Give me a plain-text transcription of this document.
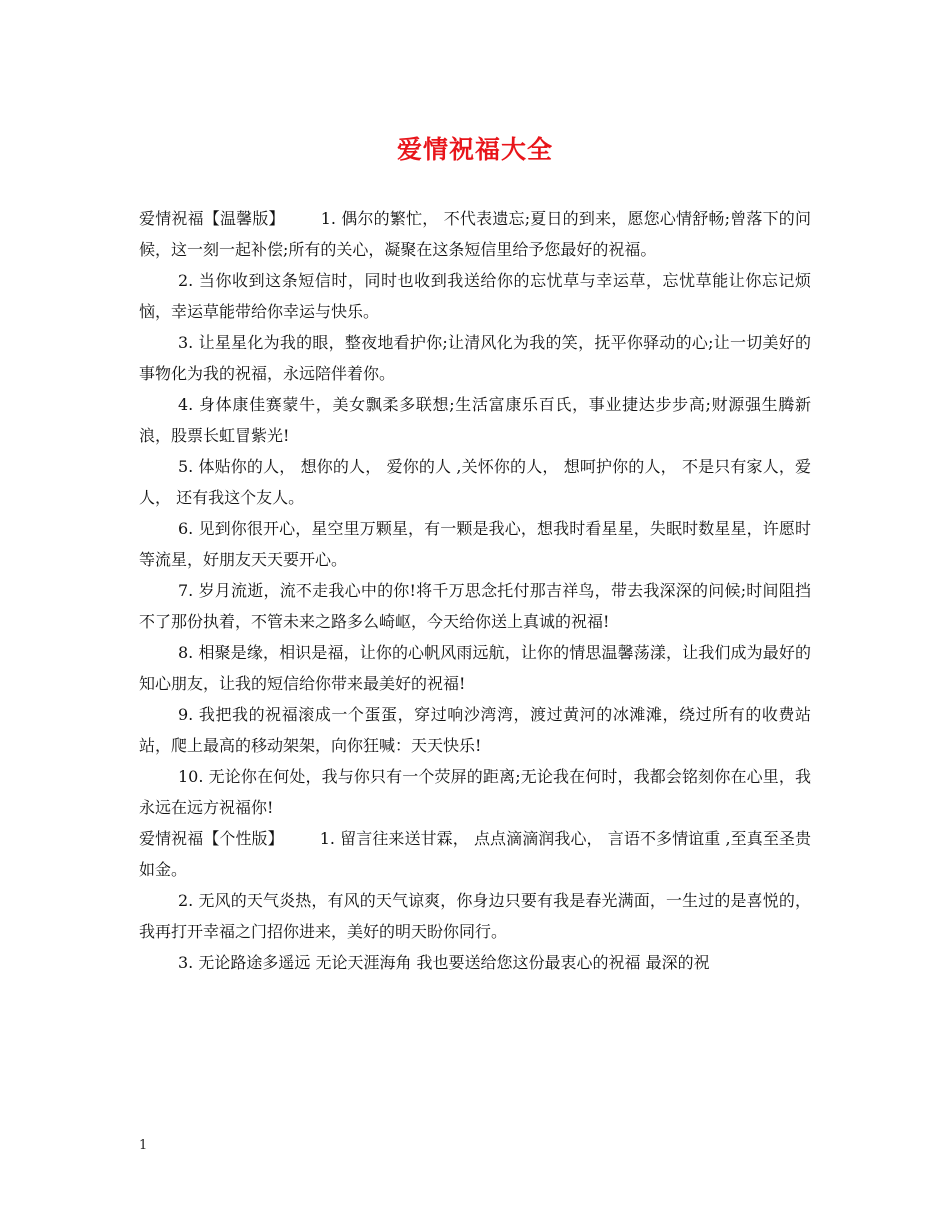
爱情祝福大全

爱情祝福【温馨版】 1. 偶尔的繁忙， 不代表遗忘;夏日的到来，愿您心情舒畅;曾落下的问候，这一刻一起补偿;所有的关心，凝聚在这条短信里给予您最好的祝福。

2. 当你收到这条短信时，同时也收到我送给你的忘忧草与幸运草，忘忧草能让你忘记烦恼，幸运草能带给你幸运与快乐。

3. 让星星化为我的眼，整夜地看护你;让清风化为我的笑，抚平你驿动的心;让一切美好的事物化为我的祝福，永远陪伴着你。

4. 身体康佳赛蒙牛，美女飘柔多联想;生活富康乐百氏，事业捷达步步高;财源强生腾新浪，股票长虹冒紫光!

5. 体贴你的人， 想你的人， 爱你的人 ,关怀你的人， 想呵护你的人， 不是只有家人，爱人， 还有我这个友人。

6. 见到你很开心，星空里万颗星，有一颗是我心，想我时看星星，失眠时数星星，许愿时等流星，好朋友天天要开心。

7. 岁月流逝，流不走我心中的你!将千万思念托付那吉祥鸟，带去我深深的问候;时间阻挡不了那份执着，不管未来之路多么崎岖，今天给你送上真诚的祝福!

8. 相聚是缘，相识是福，让你的心帆风雨远航，让你的情思温馨荡漾，让我们成为最好的知心朋友，让我的短信给你带来最美好的祝福!

9. 我把我的祝福滚成一个蛋蛋，穿过响沙湾湾，渡过黄河的冰滩滩，绕过所有的收费站站，爬上最高的移动架架，向你狂喊：天天快乐!

10. 无论你在何处，我与你只有一个荧屏的距离;无论我在何时，我都会铭刻你在心里，我永远在远方祝福你!

爱情祝福【个性版】 1. 留言往来送甘霖， 点点滴滴润我心， 言语不多情谊重 ,至真至圣贵如金。

2. 无风的天气炎热，有风的天气谅爽，你身边只要有我是春光满面，一生过的是喜悦的，我再打开幸福之门招你进来，美好的明天盼你同行。

3. 无论路途多遥远 无论天涯海角 我也要送给您这份最衷心的祝福 最深的祝

1
